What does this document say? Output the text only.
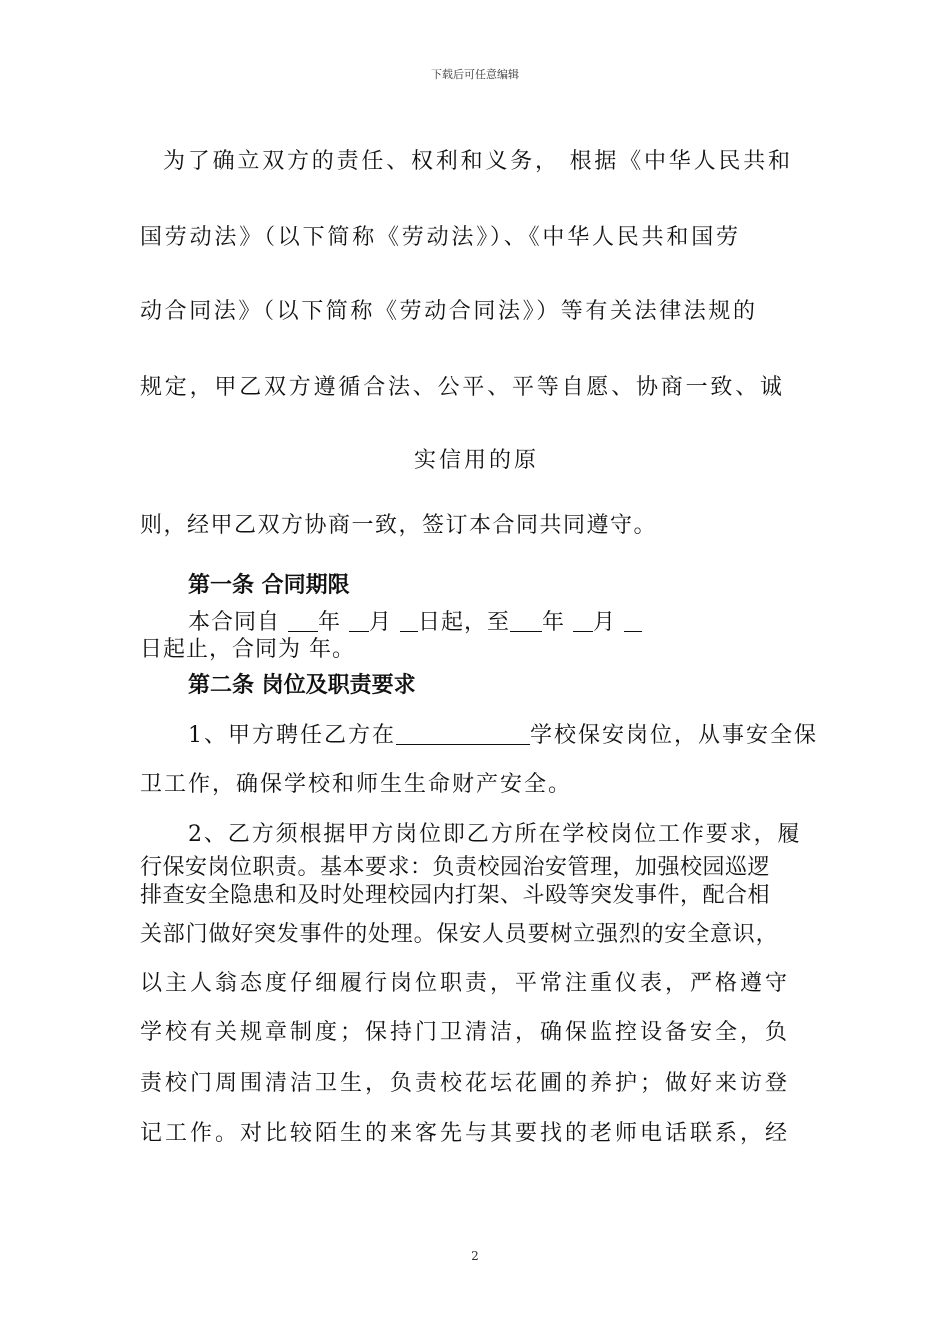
下载后可任意编辑
为了确立双方的责任、权利和义务， 根据《中华人民共和
国劳动法》（以下简称《劳动法》）、《中华人民共和国劳
动合同法》（以下简称《劳动合同法》）等有关法律法规的
规定，甲乙双方遵循合法、公平、平等自愿、协商一致、诚
实信用的原
则，经甲乙双方协商一致，签订本合同共同遵守。
第一条 合同期限
本合同自 年 月 日起，至 年 月
日起止，合同为 年。
第二条 岗位及职责要求
1、甲方聘任乙方在	学校保安岗位，从事安全保
卫工作，确保学校和师生生命财产安全。
2、乙方须根据甲方岗位即乙方所在学校岗位工作要求，履
行保安岗位职责。基本要求：负责校园治安管理，加强校园巡逻
排查安全隐患和及时处理校园内打架、斗殴等突发事件，配合相
关部门做好突发事件的处理。保安人员要树立强烈的安全意识，
以主人翁态度仔细履行岗位职责，平常注重仪表，严格遵守
学校有关规章制度；保持门卫清洁，确保监控设备安全，负
责校门周围清洁卫生，负责校花坛花圃的养护；做好来访登
记工作。对比较陌生的来客先与其要找的老师电话联系，经
2
